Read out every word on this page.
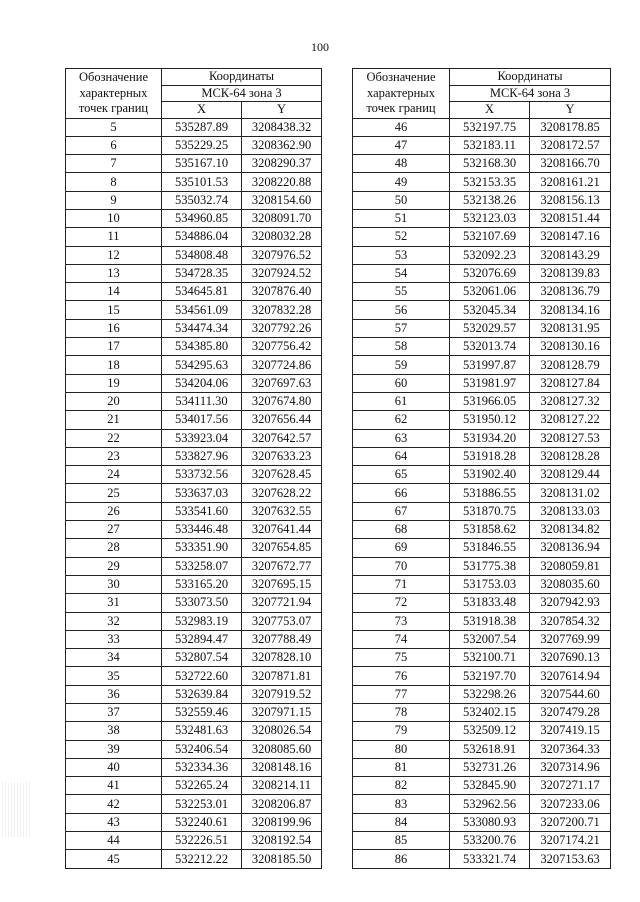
100
Обозначение
характерных
точек границ	Координаты	

	МСК-64 зона 3	
	X	Y
5	535287.89	3208438.32
6	535229.25	3208362.90
7	535167.10	3208290.37
8	535101.53	3208220.88
9	535032.74	3208154.60
10	534960.85	3208091.70
11	534886.04	3208032.28
12	534808.48	3207976.52
13	534728.35	3207924.52
14	534645.81	3207876.40
15	534561.09	3207832.28
16	534474.34	3207792.26
17	534385.80	3207756.42
18	534295.63	3207724.86
19	534204.06	3207697.63
20	534111.30	3207674.80
21	534017.56	3207656.44
22	533923.04	3207642.57
23	533827.96	3207633.23
24	533732.56	3207628.45
25	533637.03	3207628.22
26	533541.60	3207632.55
27	533446.48	3207641.44
28	533351.90	3207654.85
29	533258.07	3207672.77
30	533165.20	3207695.15
31	533073.50	3207721.94
32	532983.19	3207753.07
33	532894.47	3207788.49
34	532807.54	3207828.10
35	532722.60	3207871.81
36	532639.84	3207919.52
37	532559.46	3207971.15
38	532481.63	3208026.54
39	532406.54	3208085.60
40	532334.36	3208148.16
41	532265.24	3208214.11
42	532253.01	3208206.87
43	532240.61	3208199.96
44	532226.51	3208192.54
45	532212.22	3208185.50
Обозначение
характерных
точек границ	Координаты	

	МСК-64 зона 3	
	X	Y
46	532197.75	3208178.85
47	532183.11	3208172.57
48	532168.30	3208166.70
49	532153.35	3208161.21
50	532138.26	3208156.13
51	532123.03	3208151.44
52	532107.69	3208147.16
53	532092.23	3208143.29
54	532076.69	3208139.83
55	532061.06	3208136.79
56	532045.34	3208134.16
57	532029.57	3208131.95
58	532013.74	3208130.16
59	531997.87	3208128.79
60	531981.97	3208127.84
61	531966.05	3208127.32
62	531950.12	3208127.22
63	531934.20	3208127.53
64	531918.28	3208128.28
65	531902.40	3208129.44
66	531886.55	3208131.02
67	531870.75	3208133.03
68	531858.62	3208134.82
69	531846.55	3208136.94
70	531775.38	3208059.81
71	531753.03	3208035.60
72	531833.48	3207942.93
73	531918.38	3207854.32
74	532007.54	3207769.99
75	532100.71	3207690.13
76	532197.70	3207614.94
77	532298.26	3207544.60
78	532402.15	3207479.28
79	532509.12	3207419.15
80	532618.91	3207364.33
81	532731.26	3207314.96
82	532845.90	3207271.17
83	532962.56	3207233.06
84	533080.93	3207200.71
85	533200.76	3207174.21
86	533321.74	3207153.63
